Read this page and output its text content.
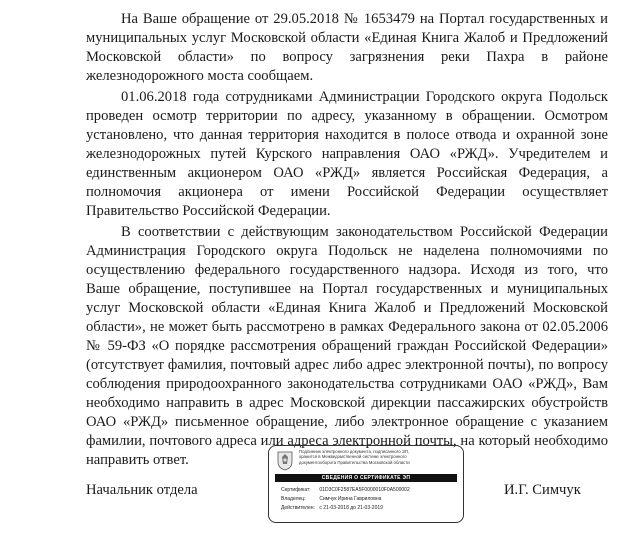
На Ваше обращение от 29.05.2018 № 1653479 на Портал государственных и
муниципальных услуг Московской области «Единая Книга Жалоб и Предложений
Московской области» по вопросу загрязнения реки Пахра в районе
железнодорожного моста сообщаем.
01.06.2018 года сотрудниками Администрации Городского округа Подольск
проведен осмотр территории по адресу, указанному в обращении. Осмотром
установлено, что данная территория находится в полосе отвода и охранной зоне
железнодорожных путей Курского направления ОАО «РЖД». Учредителем и
единственным акционером ОАО «РЖД» является Российская Федерация, а
полномочия акционера от имени Российской Федерации осуществляет
Правительство Российской Федерации.
В соответствии с действующим законодательством Российской Федерации
Администрация Городского округа Подольск не наделена полномочиями по
осуществлению федерального государственного надзора. Исходя из того, что
Ваше обращение, поступившее на Портал государственных и муниципальных
услуг Московской области «Единая Книга Жалоб и Предложений Московской
области», не может быть рассмотрено в рамках Федерального закона от 02.05.2006
№ 59-ФЗ «О порядке рассмотрения обращений граждан Российской Федерации»
(отсутствует фамилия, почтовый адрес либо адрес электронной почты), по вопросу
соблюдения природоохранного законодательства сотрудниками ОАО «РЖД», Вам
необходимо направить в адрес Московской дирекции пассажирских обустройств
ОАО «РЖД» письменное обращение, либо электронное обращение с указанием
фамилии, почтового адреса или адреса электронной почты, на который необходимо
направить ответ.
Начальник отдела	И.Г. Симчук
Подлинник электронного документа, подписанного ЭП,
хранится в Межведомственной системе электронного
документооборота Правительства Московской области
СВЕДЕНИЯ О СЕРТИФИКАТЕ ЭП
Сертификат: 01D3C0F2587EA5F0000010F0A500002
Владелец:	Симчук Ирина Гавриловна
Действителен: с 21-03-2018 до 21-03-2019
